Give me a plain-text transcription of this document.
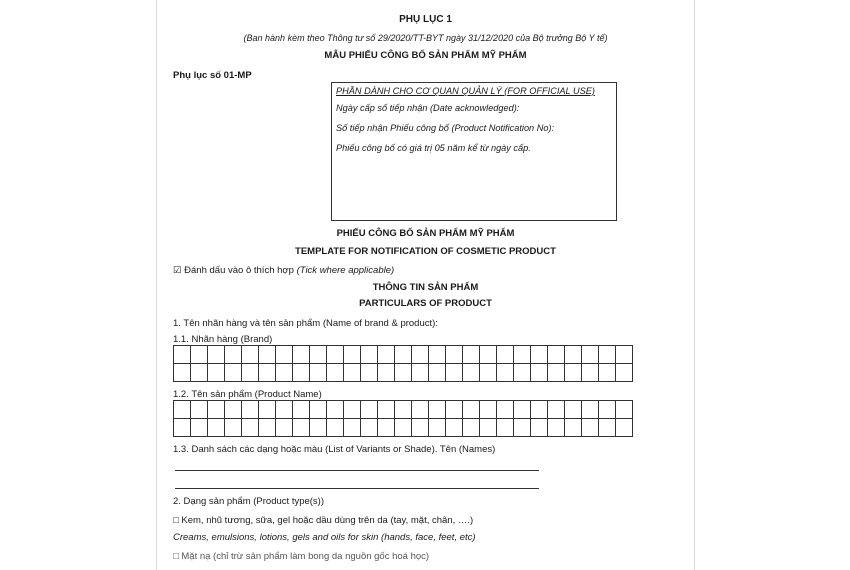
PHỤ LỤC 1
(Ban hành kèm theo Thông tư số 29/2020/TT-BYT ngày 31/12/2020 của Bộ trưởng Bộ Y tế)
MẪU PHIẾU CÔNG BỐ SẢN PHẨM MỸ PHẨM
Phụ lục số 01-MP
PHẦN DÀNH CHO CƠ QUAN QUẢN LÝ (FOR OFFICIAL USE)
Ngày cấp số tiếp nhận (Date acknowledged):
Số tiếp nhận Phiếu công bố (Product Notification No):
Phiếu công bố có giá trị 05 năm kể từ ngày cấp.
PHIẾU CÔNG BỐ SẢN PHẨM MỸ PHẨM
TEMPLATE FOR NOTIFICATION OF COSMETIC PRODUCT
☑ Đánh dấu vào ô thích hợp (Tick where applicable)
THÔNG TIN SẢN PHẨM
PARTICULARS OF PRODUCT
1. Tên nhãn hàng và tên sản phẩm (Name of brand & product):
1.1. Nhãn hàng (Brand)
1.2. Tên sản phẩm (Product Name)
1.3. Danh sách các dạng hoặc màu (List of Variants or Shade). Tên (Names)
2. Dạng sản phẩm (Product type(s))
□ Kem, nhũ tương, sữa, gel hoặc dầu dùng trên da (tay, mặt, chân, ….)
Creams, emulsions, lotions, gels and oils for skin (hands, face, feet, etc)
□ Mặt nạ (chỉ trừ sản phẩm làm bong da nguồn gốc hoá học)
